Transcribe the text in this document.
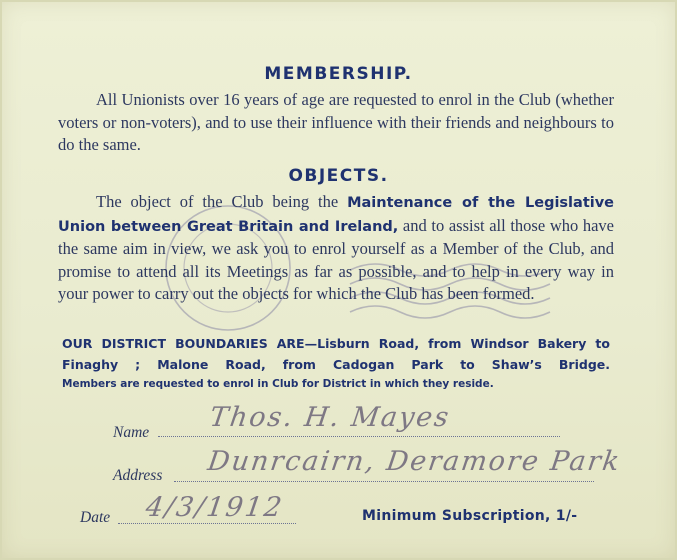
MEMBERSHIP.

All Unionists over 16 years of age are requested to enrol in the Club (whether voters or non-voters), and to use their influence with their friends and neighbours to do the same.

OBJECTS.

The object of the Club being the Maintenance of the Legislative Union between Great Britain and Ireland, and to assist all those who have the same aim in view, we ask you to enrol yourself as a Member of the Club, and promise to attend all its Meetings as far as possible, and to help in every way in your power to carry out the objects for which the Club has been formed.

OUR DISTRICT BOUNDARIES ARE—Lisburn Road, from Windsor Bakery to Finaghy ; Malone Road, from Cadogan Park to Shaw’s Bridge.

Members are requested to enrol in Club for District in which they reside.
Name Thos. H. Mayes
Address Dunrcairn, Deramore Park
Date 4/3/1912	Minimum Subscription, 1/-
